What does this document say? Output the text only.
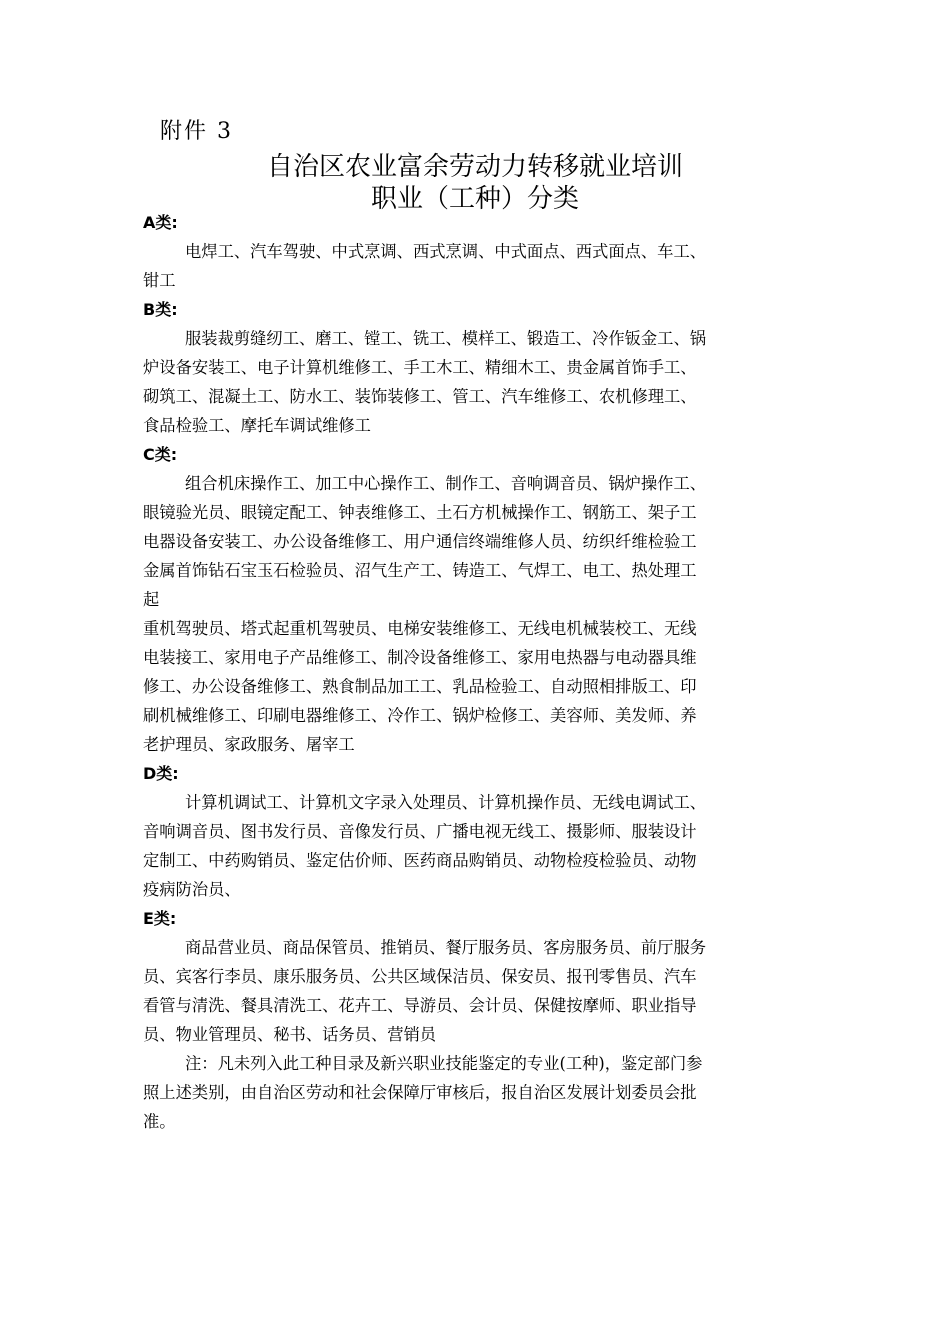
附件 3
自治区农业富余劳动力转移就业培训
职业（工种）分类
A类:
电焊工、汽车驾驶、中式烹调、西式烹调、中式面点、西式面点、车工、
钳工
B类:
服装裁剪缝纫工、磨工、镗工、铣工、模样工、锻造工、冷作钣金工、锅
炉设备安装工、电子计算机维修工、手工木工、精细木工、贵金属首饰手工、
砌筑工、混凝土工、防水工、装饰装修工、管工、汽车维修工、农机修理工、
食品检验工、摩托车调试维修工
C类:
组合机床操作工、加工中心操作工、制作工、音响调音员、锅炉操作工、
眼镜验光员、眼镜定配工、钟表维修工、土石方机械操作工、钢筋工、架子工
电器设备安装工、办公设备维修工、用户通信终端维修人员、纺织纤维检验工
金属首饰钻石宝玉石检验员、沼气生产工、铸造工、气焊工、电工、热处理工
起
重机驾驶员、塔式起重机驾驶员、电梯安装维修工、无线电机械装校工、无线
电装接工、家用电子产品维修工、制冷设备维修工、家用电热器与电动器具维
修工、办公设备维修工、熟食制品加工工、乳品检验工、自动照相排版工、印
刷机械维修工、印刷电器维修工、冷作工、锅炉检修工、美容师、美发师、养
老护理员、家政服务、屠宰工
D类:
计算机调试工、计算机文字录入处理员、计算机操作员、无线电调试工、
音响调音员、图书发行员、音像发行员、广播电视无线工、摄影师、服装设计
定制工、中药购销员、鉴定估价师、医药商品购销员、动物检疫检验员、动物
疫病防治员、
E类:
商品营业员、商品保管员、推销员、餐厅服务员、客房服务员、前厅服务
员、宾客行李员、康乐服务员、公共区域保洁员、保安员、报刊零售员、汽车
看管与清洗、餐具清洗工、花卉工、导游员、会计员、保健按摩师、职业指导
员、物业管理员、秘书、话务员、营销员
注：凡未列入此工种目录及新兴职业技能鉴定的专业(工种)，鉴定部门参
照上述类别，由自治区劳动和社会保障厅审核后，报自治区发展计划委员会批
准。
